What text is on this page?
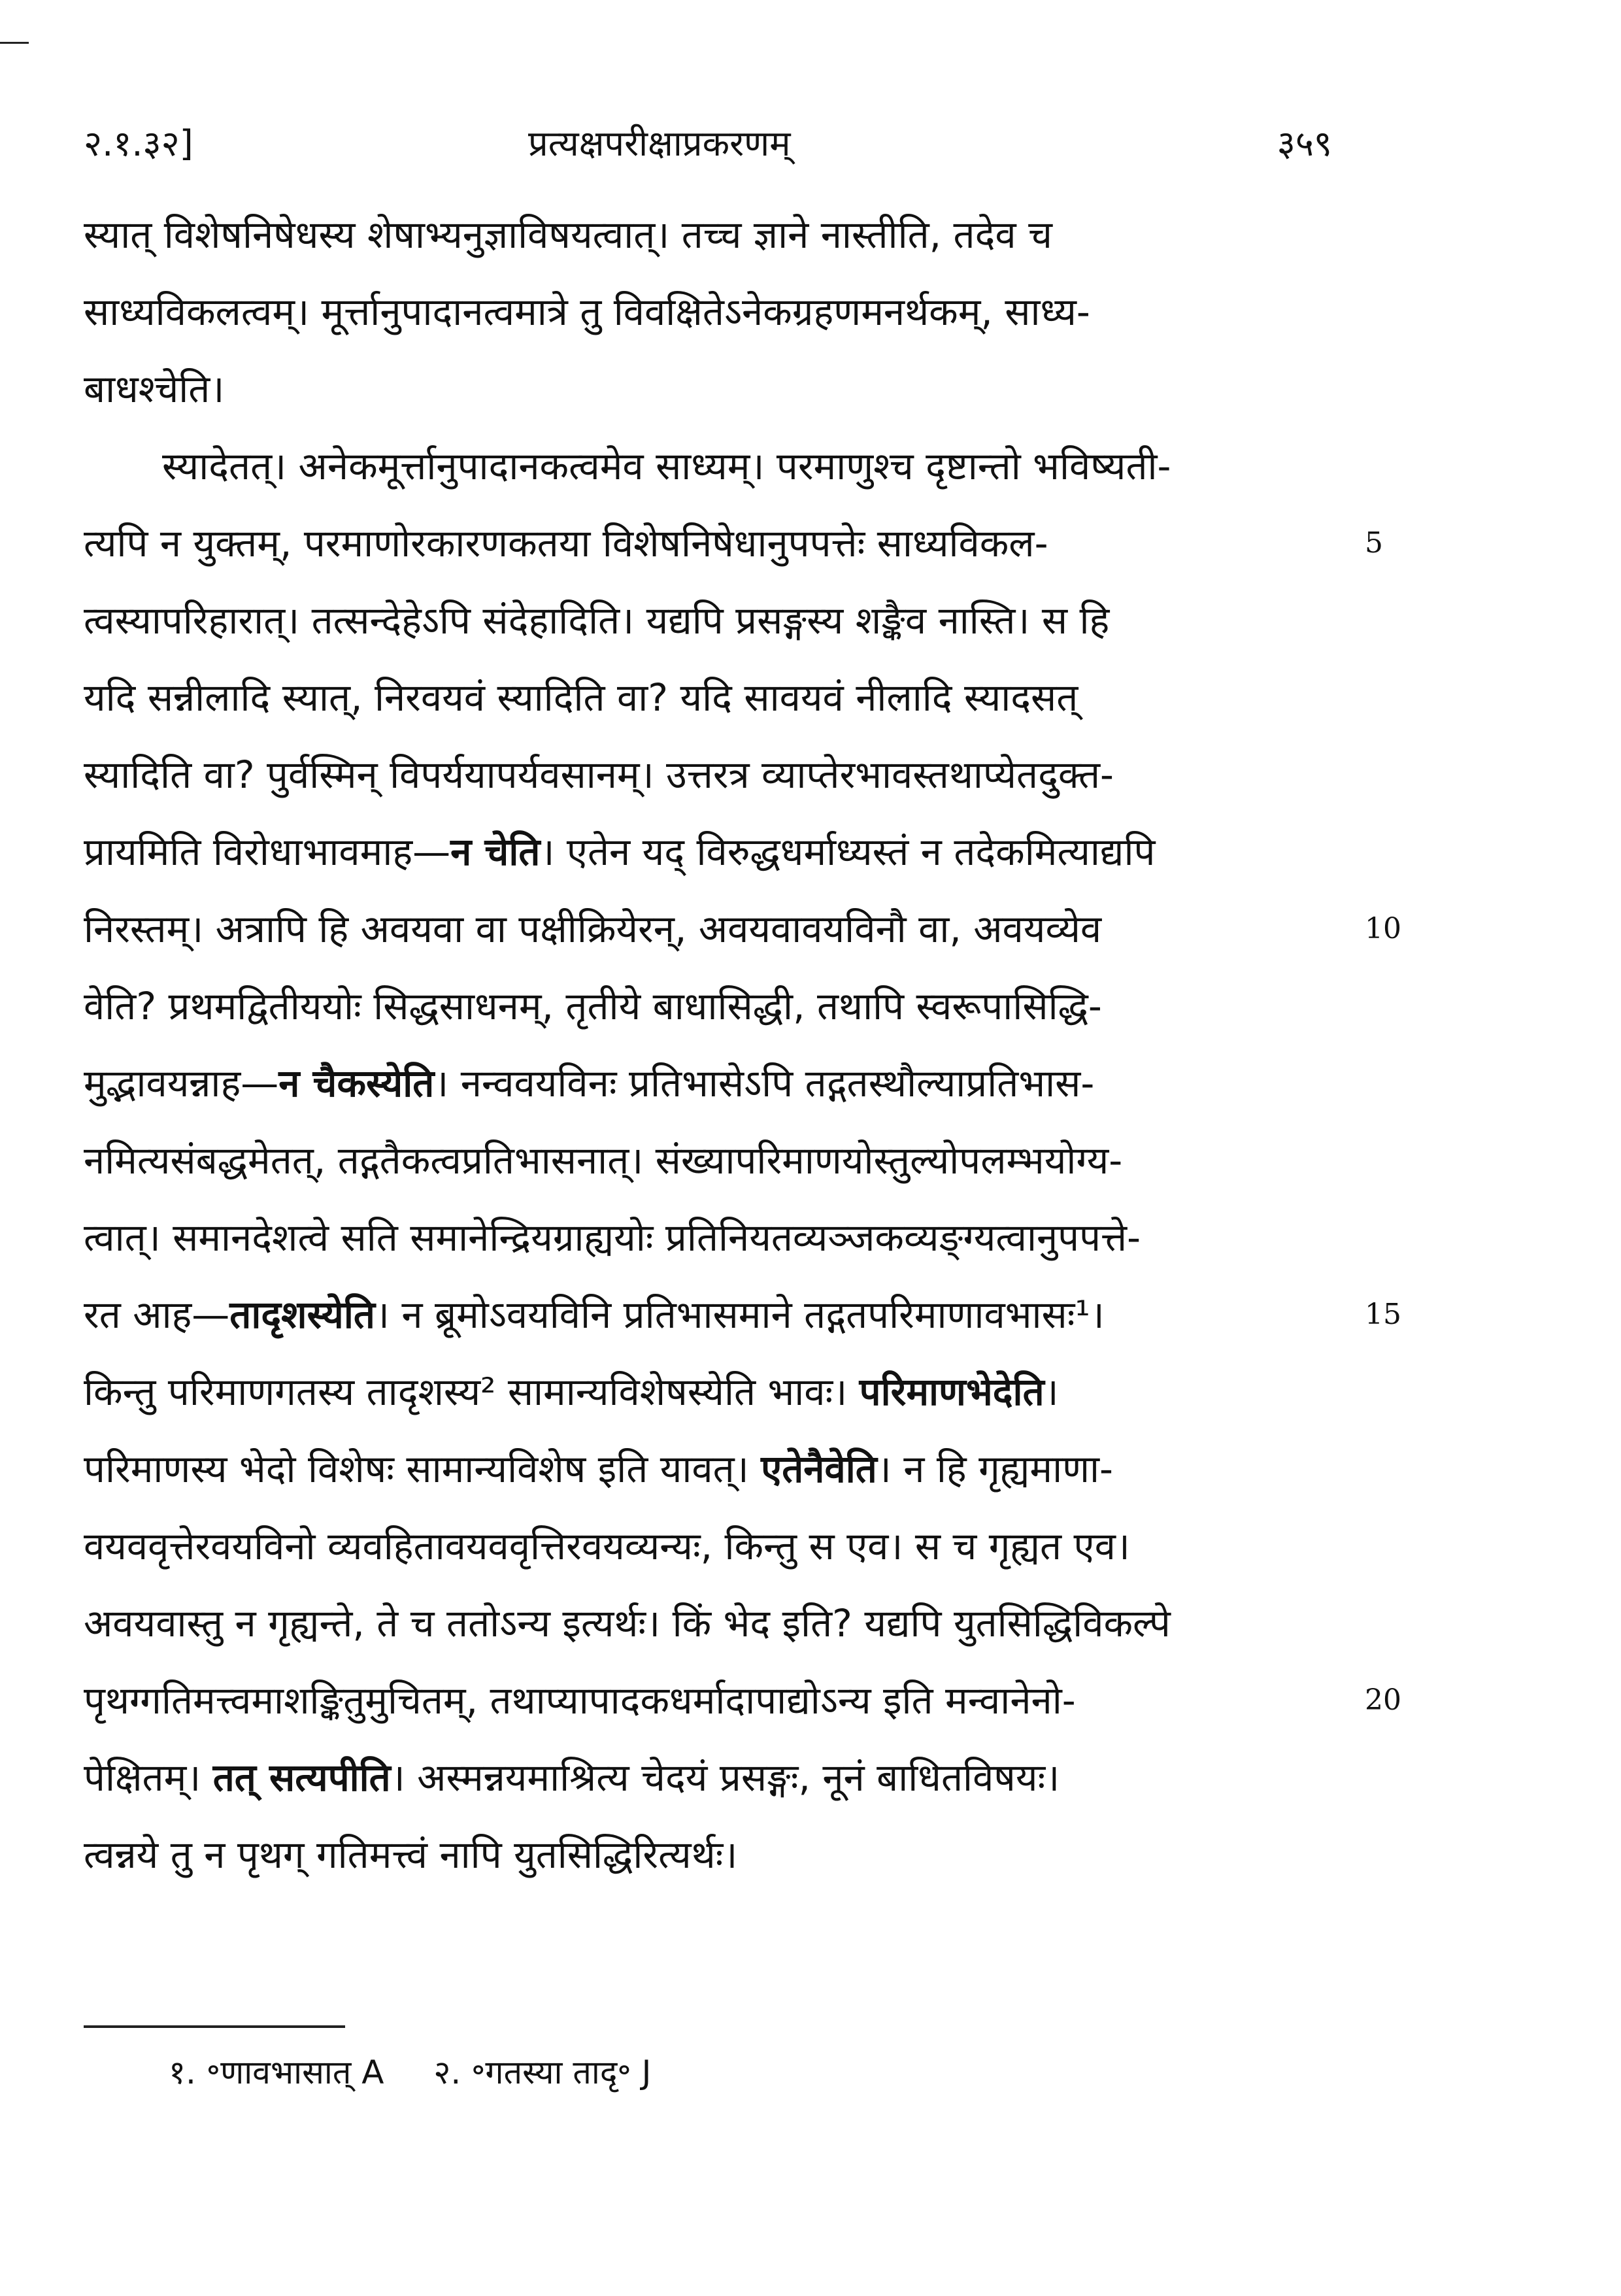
२.१.३२]	प्रत्यक्षपरीक्षाप्रकरणम्	३५९
स्यात् विशेषनिषेधस्य शेषाभ्यनुज्ञाविषयत्वात्। तच्च ज्ञाने नास्तीति, तदेव च
साध्यविकलत्वम्। मूर्त्तानुपादानत्वमात्रे तु विवक्षितेऽनेकग्रहणमनर्थकम्, साध्य-
बाधश्चेति।
स्यादेतत्। अनेकमूर्त्तानुपादानकत्वमेव साध्यम्। परमाणुश्च दृष्टान्तो भविष्यती-
त्यपि न युक्तम्, परमाणोरकारणकतया विशेषनिषेधानुपपत्तेः साध्यविकल-
त्वस्यापरिहारात्। तत्सन्देहेऽपि संदेहादिति। यद्यपि प्रसङ्गस्य शङ्कैव नास्ति। स हि
यदि सन्नीलादि स्यात्, निरवयवं स्यादिति वा? यदि सावयवं नीलादि स्यादसत्
स्यादिति वा? पुर्वस्मिन् विपर्ययापर्यवसानम्। उत्तरत्र व्याप्तेरभावस्तथाप्येतदुक्त-
प्रायमिति विरोधाभावमाह—न चेति। एतेन यद् विरुद्धधर्माध्यस्तं न तदेकमित्याद्यपि
निरस्तम्। अत्रापि हि अवयवा वा पक्षीक्रियेरन्, अवयवावयविनौ वा, अवयव्येव
वेति? प्रथमद्वितीययोः सिद्धसाधनम्, तृतीये बाधासिद्धी, तथापि स्वरूपासिद्धि-
मुद्भावयन्नाह—न चैकस्येति। नन्ववयविनः प्रतिभासेऽपि तद्गतस्थौल्याप्रतिभास-
नमित्यसंबद्धमेतत्, तद्गतैकत्वप्रतिभासनात्। संख्यापरिमाणयोस्तुल्योपलम्भयोग्य-
त्वात्। समानदेशत्वे सति समानेन्द्रियग्राह्ययोः प्रतिनियतव्यञ्जकव्यङ्ग्यत्वानुपपत्ते-
रत आह—तादृशस्येति। न ब्रूमोऽवयविनि प्रतिभासमाने तद्गतपरिमाणावभासः¹।
किन्तु परिमाणगतस्य तादृशस्य² सामान्यविशेषस्येति भावः। परिमाणभेदेति।
परिमाणस्य भेदो विशेषः सामान्यविशेष इति यावत्। एतेनैवेति। न हि गृह्यमाणा-
वयववृत्तेरवयविनो व्यवहितावयववृत्तिरवयव्यन्यः, किन्तु स एव। स च गृह्यत एव।
अवयवास्तु न गृह्यन्ते, ते च ततोऽन्य इत्यर्थः। किं भेद इति? यद्यपि युतसिद्धिविकल्पे
पृथग्गतिमत्त्वमाशङ्कितुमुचितम्, तथाप्यापादकधर्मादापाद्योऽन्य इति मन्वानेनो-
पेक्षितम्। तत् सत्यपीति। अस्मन्नयमाश्रित्य चेदयं प्रसङ्गः, नूनं बाधितविषयः।
त्वन्नये तु न पृथग् गतिमत्त्वं नापि युतसिद्धिरित्यर्थः।
१. ॰णावभासात् A २. ॰गतस्या तादृ॰ J
5
10
15
20
